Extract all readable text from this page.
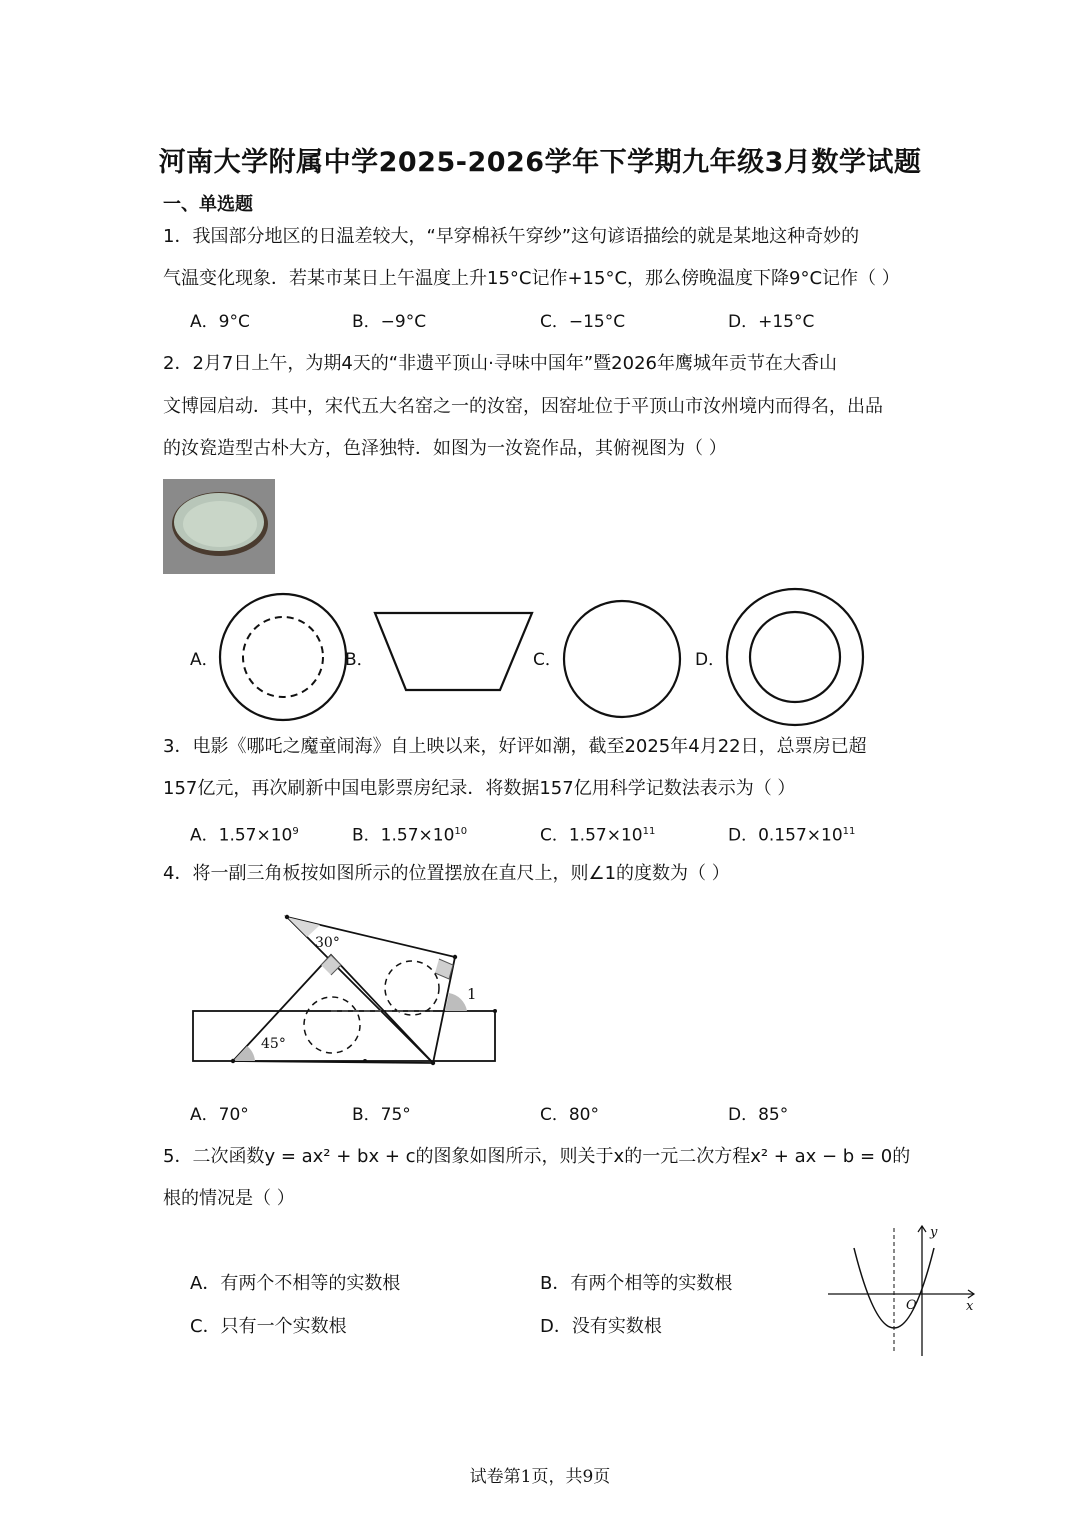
河南大学附属中学2025-2026学年下学期九年级3月数学试题
一、单选题
1．我国部分地区的日温差较大，“早穿棉袄午穿纱”这句谚语描绘的就是某地这种奇妙的
气温变化现象．若某市某日上午温度上升15°C记作+15°C，那么傍晚温度下降9°C记作（ ）
A．9°C	B．−9°C	C．−15°C	D．+15°C
2．2月7日上午，为期4天的“非遗平顶山·寻味中国年”暨2026年鹰城年贡节在大香山
文博园启动．其中，宋代五大名窑之一的汝窑，因窑址位于平顶山市汝州境内而得名，出品
的汝瓷造型古朴大方，色泽独特．如图为一汝瓷作品，其俯视图为（ ）
A．	B．	C．	D．
3．电影《哪吒之魔童闹海》自上映以来，好评如潮，截至2025年4月22日，总票房已超
157亿元，再次刷新中国电影票房纪录．将数据157亿用科学记数法表示为（ ）
A．$1.57\times 10^9$	B．$1.57\times 10^{10}$	C．$1.57\times 10^{11}$	D．$0.157\times 10^{11}$
4．将一副三角板按如图所示的位置摆放在直尺上，则∠1的度数为（ ）
30°
45°
1
A．70°	B．75°	C．80°	D．85°
5．二次函数y = ax² + bx + c的图象如图所示，则关于x的一元二次方程x² + ax − b = 0的
根的情况是（ ）
A．有两个不相等的实数根	B．有两个相等的实数根
C．只有一个实数根	D．没有实数根
y
x
O
试卷第1页，共9页
